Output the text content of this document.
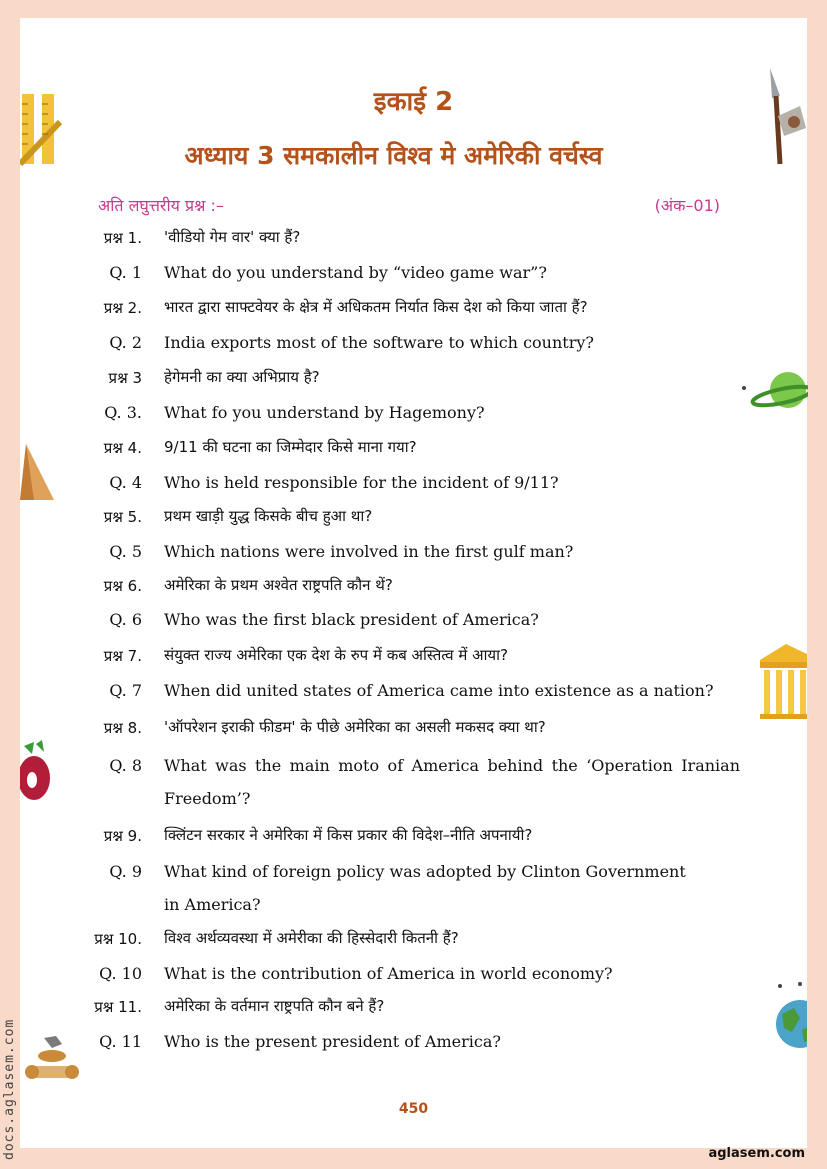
इकाई 2
अध्याय 3 समकालीन विश्व मे अमेरिकी वर्चस्व
अति लघुत्तरीय प्रश्न :–	(अंक–01)
प्रश्न 1. 'वीडियो गेम वार' क्या हैं?
Q. 1 What do you understand by “video game war”?
प्रश्न 2. भारत द्वारा साफ्टवेयर के क्षेत्र में अधिकतम निर्यात किस देश को किया जाता हैं?
Q. 2 India exports most of the software to which country?
प्रश्न 3 हेगेमनी का क्या अभिप्राय है?
Q. 3. What fo you understand by Hagemony?
प्रश्न 4. 9/11 की घटना का जिम्मेदार किसे माना गया?
Q. 4 Who is held responsible for the incident of 9/11?
प्रश्न 5. प्रथम खाड़ी युद्ध किसके बीच हुआ था?
Q. 5 Which nations were involved in the first gulf man?
प्रश्न 6. अमेरिका के प्रथम अश्वेत राष्ट्रपति कौन थें?
Q. 6 Who was the first black president of America?
प्रश्न 7. संयुक्त राज्य अमेरिका एक देश के रुप में कब अस्तित्व में आया?
Q. 7 When did united states of America came into existence as a nation?
प्रश्न 8. 'ऑपरेशन इराकी फीडम' के पीछे अमेरिका का असली मकसद क्या था?
Q. 8 What was the main moto of America behind the ‘Operation Iranian Freedom’?
प्रश्न 9. क्लिंटन सरकार ने अमेरिका में किस प्रकार की विदेश–नीति अपनायी?
Q. 9 What kind of foreign policy was adopted by Clinton Government in America?
प्रश्न 10. विश्व अर्थव्यवस्था में अमेरीका की हिस्सेदारी कितनी हैं?
Q. 10 What is the contribution of America in world economy?
प्रश्न 11. अमेरिका के वर्तमान राष्ट्रपति कौन बने हैं?
Q. 11 Who is the present president of America?
450
aglasem.com
docs.aglasem.com
